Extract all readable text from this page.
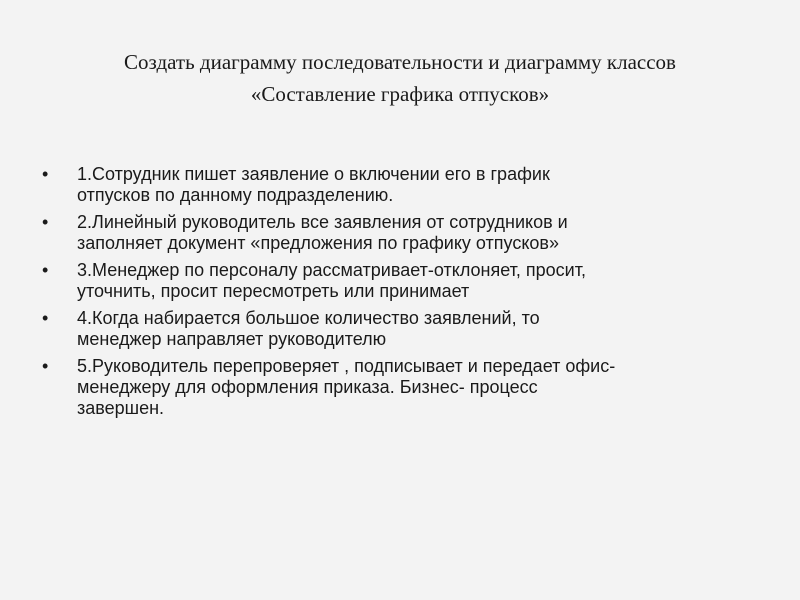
Создать диаграмму последовательности и диаграмму классов
«Составление графика отпусков»
• 1.Сотрудник пишет заявление о включении его в график
отпусков по данному подразделению.
• 2.Линейный руководитель все заявления от сотрудников и
заполняет документ «предложения по графику отпусков»
• 3.Менеджер по персоналу рассматривает-отклоняет, просит,
уточнить, просит пересмотреть или принимает
• 4.Когда набирается большое количество заявлений, то
менеджер направляет руководителю
• 5.Руководитель перепроверяет , подписывает и передает офис-
менеджеру для оформления приказа. Бизнес- процесс
завершен.
